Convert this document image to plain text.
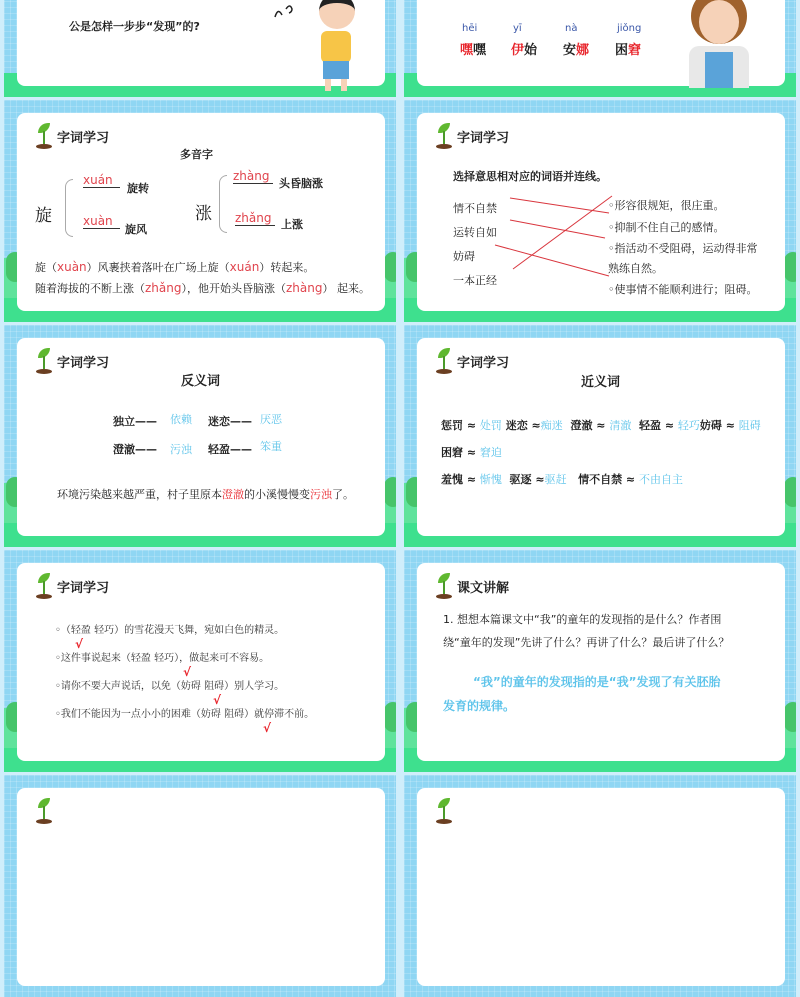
公是怎样一步步“发现”的?	hēi
嘿嘿
yī
伊始
nà
安娜
jiǒng
困窘
字词学习
多音字
旋
xuán
旋转
xuàn
旋风
涨
zhàng
头昏脑涨
zhǎng 上涨
旋（xuàn）风裹挟着落叶在广场上旋（xuán）转起来。
随着海拔的不断上涨（zhǎng），他开始头昏脑涨（zhàng） 起来。
字词学习
选择意思相对应的词语并连线。
情不自禁
运转自如
妨碍
一本正经
◦形容很规矩，很庄重。
◦抑制不住自己的感情。
◦指活动不受阻碍，运动得非常
熟练自然。
◦使事情不能顺利进行；阻碍。
字词学习
反义词
独立—— 依赖 迷恋—— 厌恶
澄澈—— 污浊 轻盈—— 笨重
环境污染越来越严重，村子里原本澄澈的小溪慢慢变污浊了。
字词学习
近义词
惩罚 ≈ 处罚 迷恋 ≈痴迷  澄澈 ≈ 清澈  轻盈 ≈ 轻巧妨碍 ≈ 阻碍
困窘 ≈ 窘迫
羞愧 ≈ 惭愧  驱逐 ≈驱赶   情不自禁 ≈ 不由自主
字词学习
◦（轻盈 轻巧）的雪花漫天飞舞，宛如白色的精灵。
◦这件事说起来（轻盈 轻巧），做起来可不容易。
◦请你不要大声说话，以免（妨碍 阻碍）别人学习。
◦我们不能因为一点小小的困难（妨碍 阻碍）就停滞不前。
√
√
√
√
课文讲解
1. 想想本篇课文中“我”的童年的发现指的是什么？作者围
绕“童年的发现”先讲了什么？再讲了什么？最后讲了什么？
“我”的童年的发现指的是“我”发现了有关胚胎
发育的规律。
